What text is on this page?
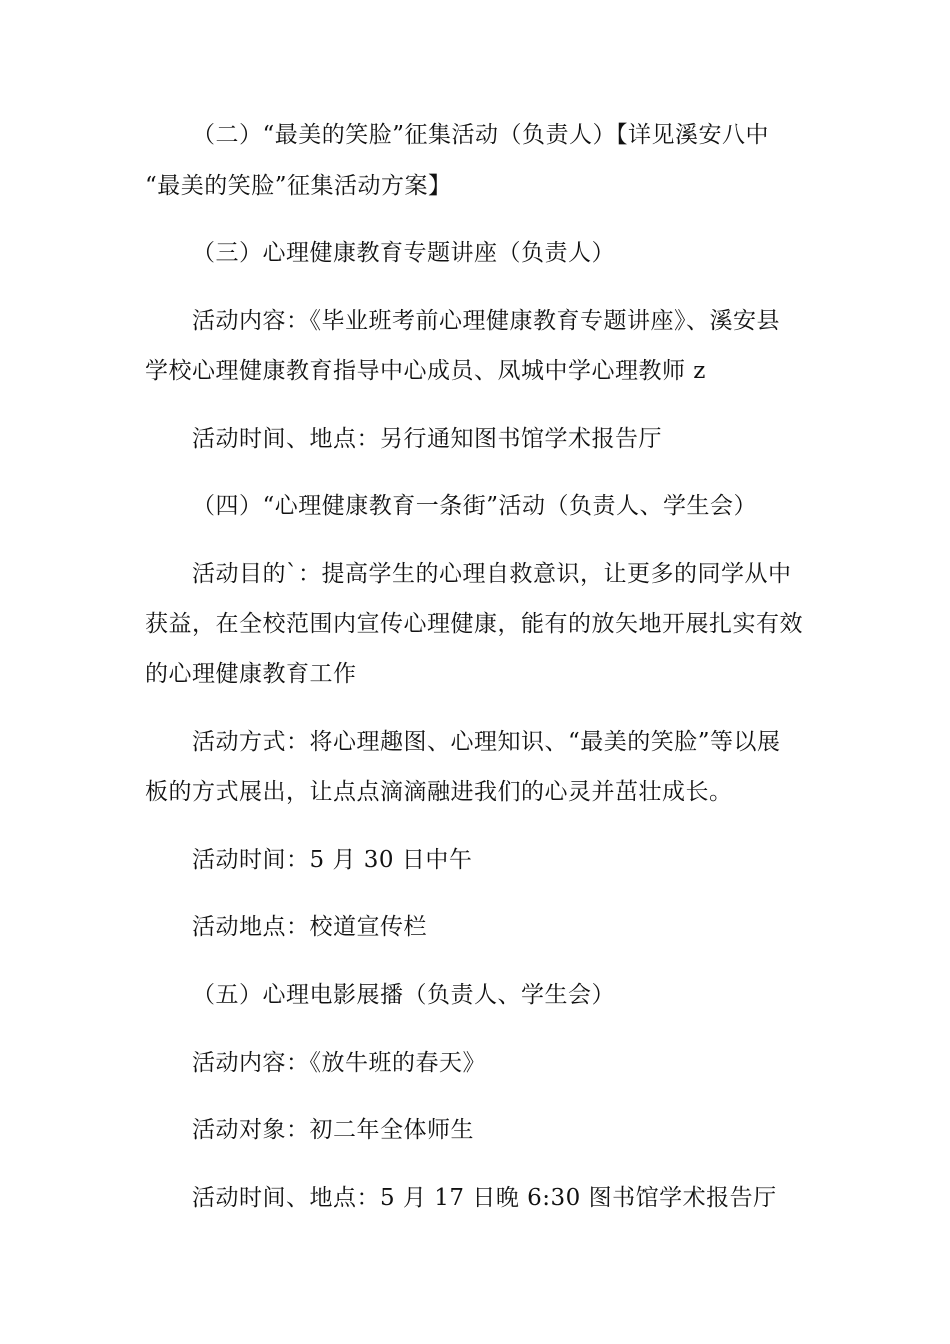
（二）“最美的笑脸”征集活动（负责人）【详见溪安八中
“最美的笑脸”征集活动方案】
（三）心理健康教育专题讲座（负责人）
活动内容：《毕业班考前心理健康教育专题讲座》、溪安县
学校心理健康教育指导中心成员、凤城中学心理教师 z
活动时间、地点：另行通知图书馆学术报告厅
（四）“心理健康教育一条街”活动（负责人、学生会）
活动目的`：提高学生的心理自救意识，让更多的同学从中
获益，在全校范围内宣传心理健康，能有的放矢地开展扎实有效
的心理健康教育工作
活动方式：将心理趣图、心理知识、“最美的笑脸”等以展
板的方式展出，让点点滴滴融进我们的心灵并茁壮成长。
活动时间：5 月 30 日中午
活动地点：校道宣传栏
（五）心理电影展播（负责人、学生会）
活动内容：《放牛班的春天》
活动对象：初二年全体师生
活动时间、地点：5 月 17 日晚 6:30 图书馆学术报告厅
